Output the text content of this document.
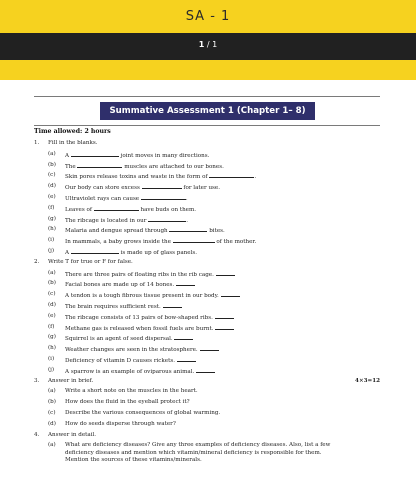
SA - 1
1 / 1
Summative Assessment 1 (Chapter 1– 8)
Time allowed: 2 hours
1. Fill in the blanks.
(a) A	joint moves in many directions.
(b) The	muscles are attached to our bones.
(c) Skin pores release toxins and waste in the form of	.
(d) Our body can store excess	for later use.
(e) Ultraviolet rays can cause	.
(f) Leaves of	have buds on them.
(g) The ribcage is located in our	.
(h) Malaria and dengue spread through	bites.
(i) In mammals, a baby grows inside the	of the mother.
(j) A	is made up of glass panels.
2. Write T for true or F for false.
(a) There are three pairs of floating ribs in the rib cage.
(b) Facial bones are made up of 14 bones.
(c) A tendon is a tough fibrous tissue present in our body.
(d) The brain requires sufficient rest.
(e) The ribcage consists of 13 pairs of bow-shaped ribs.
(f) Methane gas is released when fossil fuels are burnt.
(g) Squirrel is an agent of seed dispersal.
(h) Weather changes are seen in the stratosphere.
(i) Deficiency of vitamin D causes rickets.
(j) A sparrow is an example of oviparous animal.
3. Answer in brief.	4×3=12
(a) Write a short note on the muscles in the heart.
(b) How does the fluid in the eyeball protect it?
(c) Describe the various consequences of global warming.
(d) How do seeds disperse through water?
4. Answer in detail.
(a) What are deficiency diseases? Give any three examples of deficiency diseases. Also, list a few
deficiency diseases and mention which vitamin/mineral deficiency is responsible for them.
Mention the sources of these vitamins/minerals.
